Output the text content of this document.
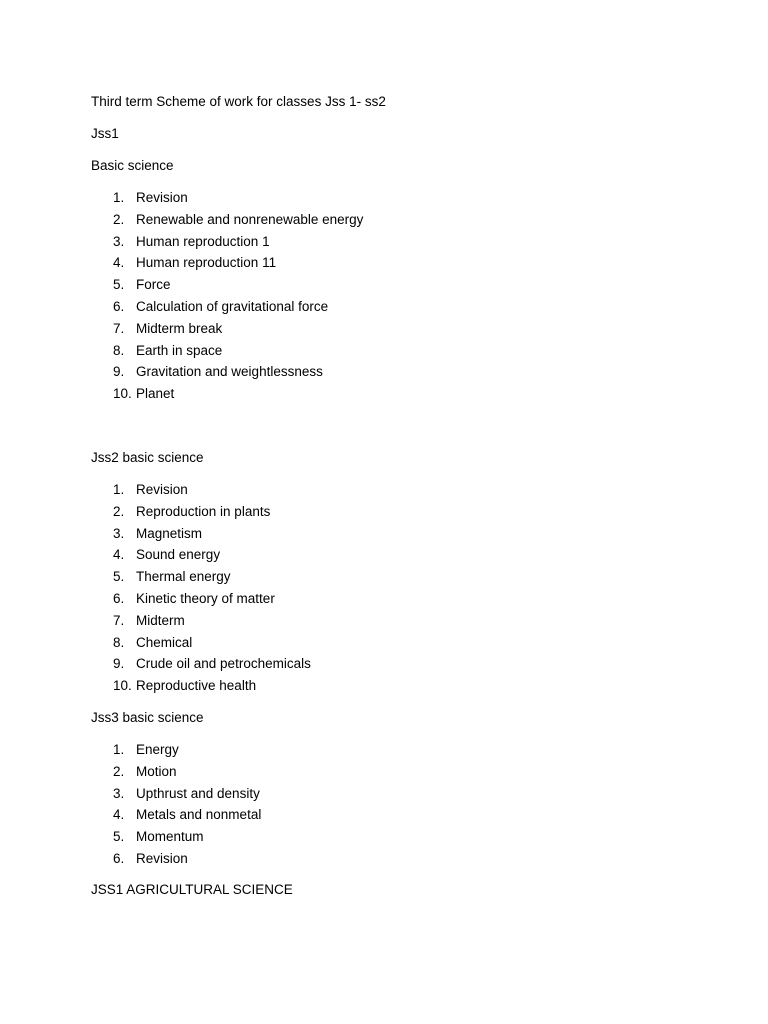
Third term Scheme of work for classes Jss 1- ss2
Jss1
Basic science
1. Revision
2. Renewable and nonrenewable energy
3. Human reproduction 1
4. Human reproduction 11
5. Force
6. Calculation of gravitational force
7. Midterm break
8. Earth in space
9. Gravitation and weightlessness
10. Planet
Jss2 basic science
1. Revision
2. Reproduction in plants
3. Magnetism
4. Sound energy
5. Thermal energy
6. Kinetic theory of matter
7. Midterm
8. Chemical
9. Crude oil and petrochemicals
10. Reproductive health
Jss3 basic science
1. Energy
2. Motion
3. Upthrust and density
4. Metals and nonmetal
5. Momentum
6. Revision
JSS1 AGRICULTURAL SCIENCE
